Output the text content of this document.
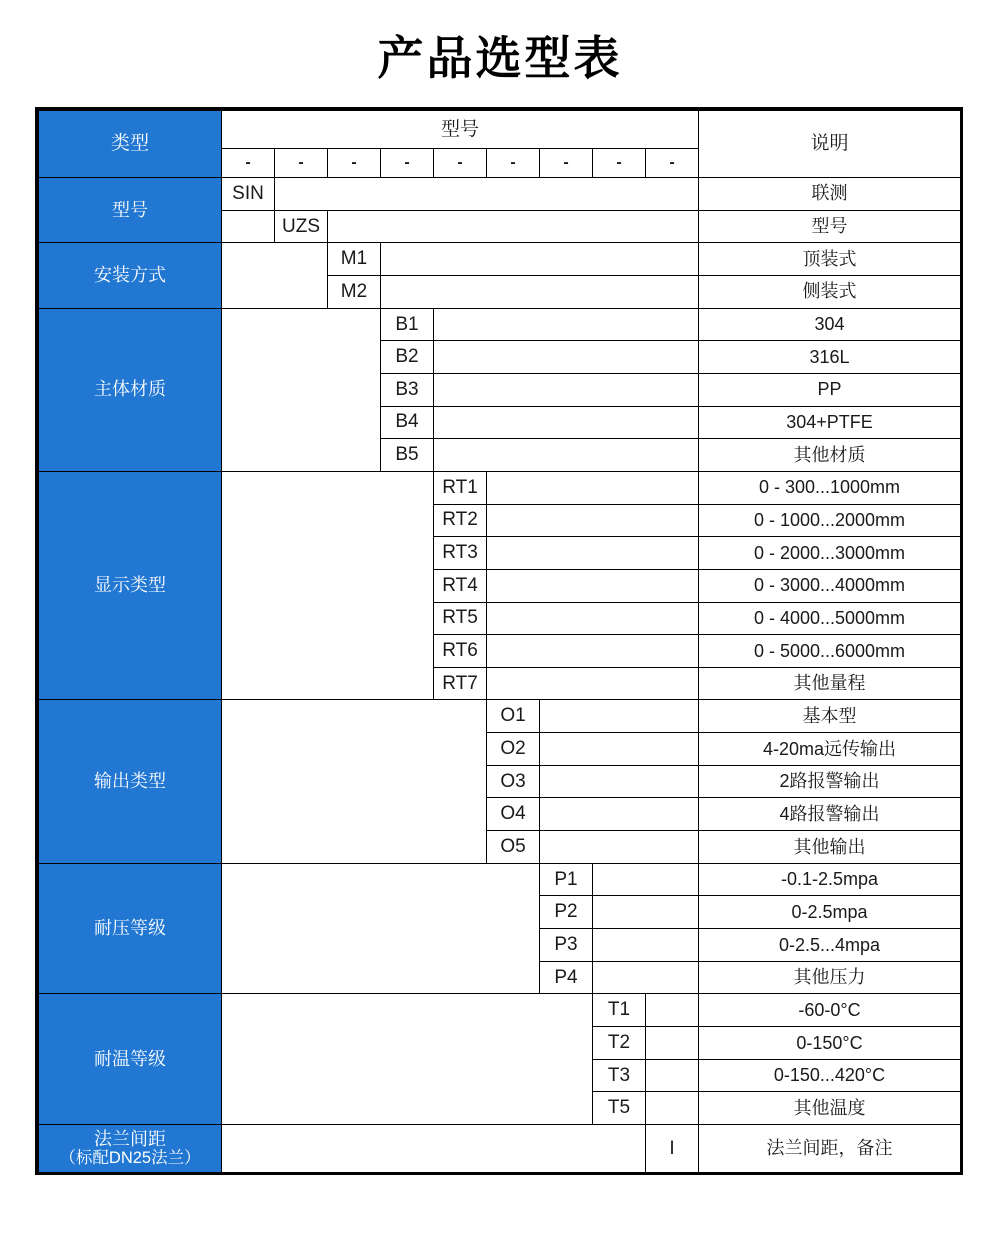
产品选型表
类型
型号
说明
-	-	-	-	-	-	-	-	-
型号
SIN	联测
UZS	型号
安装方式
M1	顶装式
M2	侧装式
主体材质
B1	304
B2	316L
B3	PP
B4	304+PTFE
B5	其他材质
显示类型
RT1	0 - 300...1000mm
RT2	0 - 1000...2000mm
RT3	0 - 2000...3000mm
RT4	0 - 3000...4000mm
RT5	0 - 4000...5000mm
RT6	0 - 5000...6000mm
RT7	其他量程
输出类型
O1	基本型
O2	4-20ma远传输出
O3	2路报警输出
O4	4路报警输出
O5	其他输出
耐压等级
P1	-0.1-2.5mpa
P2	0-2.5mpa
P3	0-2.5...4mpa
P4	其他压力
耐温等级
T1	-60-0°C
T2	0-150°C
T3	0-150...420°C
T5	其他温度
法兰间距
（标配DN25法兰）	I	法兰间距，备注
